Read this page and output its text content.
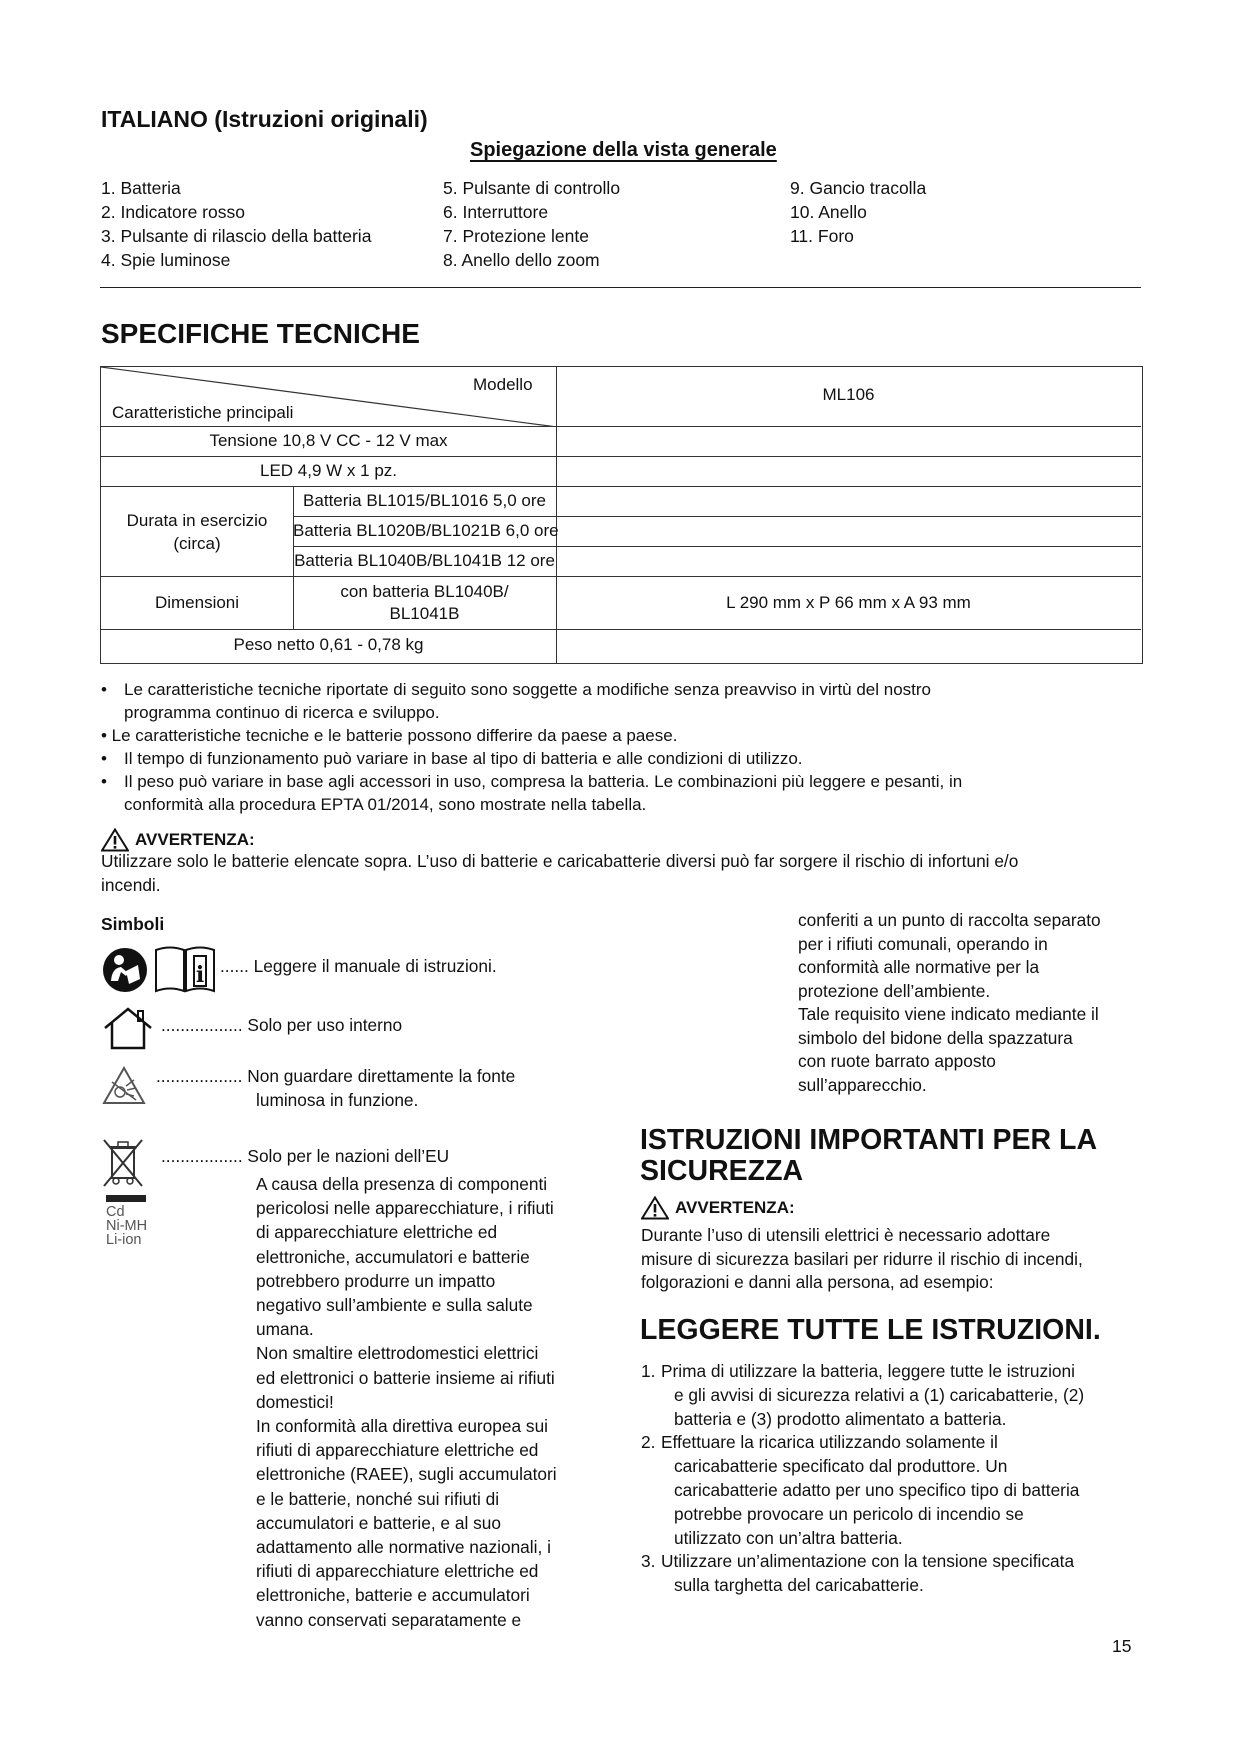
ITALIANO (Istruzioni originali)
Spiegazione della vista generale
1. Batteria
2. Indicatore rosso
3. Pulsante di rilascio della batteria
4. Spie luminose
5. Pulsante di controllo
6. Interruttore
7. Protezione lente
8. Anello dello zoom
9. Gancio tracolla
10. Anello
11. Foro
SPECIFICHE TECNICHE
Modello
Caratteristiche principali
ML106
Tensione 10,8 V CC - 12 V max
LED 4,9 W x 1 pz.
Durata in esercizio
(circa)
Batteria BL1015/BL1016 5,0 ore
Batteria BL1020B/BL1021B 6,0 ore
Batteria BL1040B/BL1041B 12 ore
Dimensioni
con batteria BL1040B/
BL1041B
L 290 mm x P 66 mm x A 93 mm
Peso netto 0,61 - 0,78 kg
• Le caratteristiche tecniche riportate di seguito sono soggette a modifiche senza preavviso in virtù del nostro
programma continuo di ricerca e sviluppo.
• Le caratteristiche tecniche e le batterie possono differire da paese a paese.
• Il tempo di funzionamento può variare in base al tipo di batteria e alle condizioni di utilizzo.
• Il peso può variare in base agli accessori in uso, compresa la batteria. Le combinazioni più leggere e pesanti, in
conformità alla procedura EPTA 01/2014, sono mostrate nella tabella.
AVVERTENZA:
Utilizzare solo le batterie elencate sopra. L’uso di batterie e caricabatterie diversi può far sorgere il rischio di infortuni e/o
incendi.
Simboli
i ...... Leggere il manuale di istruzioni.
................. Solo per uso interno
.................. Non guardare direttamente la fonte
luminosa in funzione.
Cd
Ni-MH
Li-ion
................. Solo per le nazioni dell’EU
A causa della presenza di componenti
pericolosi nelle apparecchiature, i rifiuti
di apparecchiature elettriche ed
elettroniche, accumulatori e batterie
potrebbero produrre un impatto
negativo sull’ambiente e sulla salute
umana.
Non smaltire elettrodomestici elettrici
ed elettronici o batterie insieme ai rifiuti
domestici!
In conformità alla direttiva europea sui
rifiuti di apparecchiature elettriche ed
elettroniche (RAEE), sugli accumulatori
e le batterie, nonché sui rifiuti di
accumulatori e batterie, e al suo
adattamento alle normative nazionali, i
rifiuti di apparecchiature elettriche ed
elettroniche, batterie e accumulatori
vanno conservati separatamente e
conferiti a un punto di raccolta separato
per i rifiuti comunali, operando in
conformità alle normative per la
protezione dell’ambiente.
Tale requisito viene indicato mediante il
simbolo del bidone della spazzatura
con ruote barrato apposto
sull’apparecchio.
ISTRUZIONI IMPORTANTI PER LA
SICUREZZA
AVVERTENZA:
Durante l’uso di utensili elettrici è necessario adottare
misure di sicurezza basilari per ridurre il rischio di incendi,
folgorazioni e danni alla persona, ad esempio:
LEGGERE TUTTE LE ISTRUZIONI.
1. Prima di utilizzare la batteria, leggere tutte le istruzioni
e gli avvisi di sicurezza relativi a (1) caricabatterie, (2)
batteria e (3) prodotto alimentato a batteria.
2. Effettuare la ricarica utilizzando solamente il
caricabatterie specificato dal produttore. Un
caricabatterie adatto per uno specifico tipo di batteria
potrebbe provocare un pericolo di incendio se
utilizzato con un’altra batteria.
3. Utilizzare un’alimentazione con la tensione specificata
sulla targhetta del caricabatterie.
15
